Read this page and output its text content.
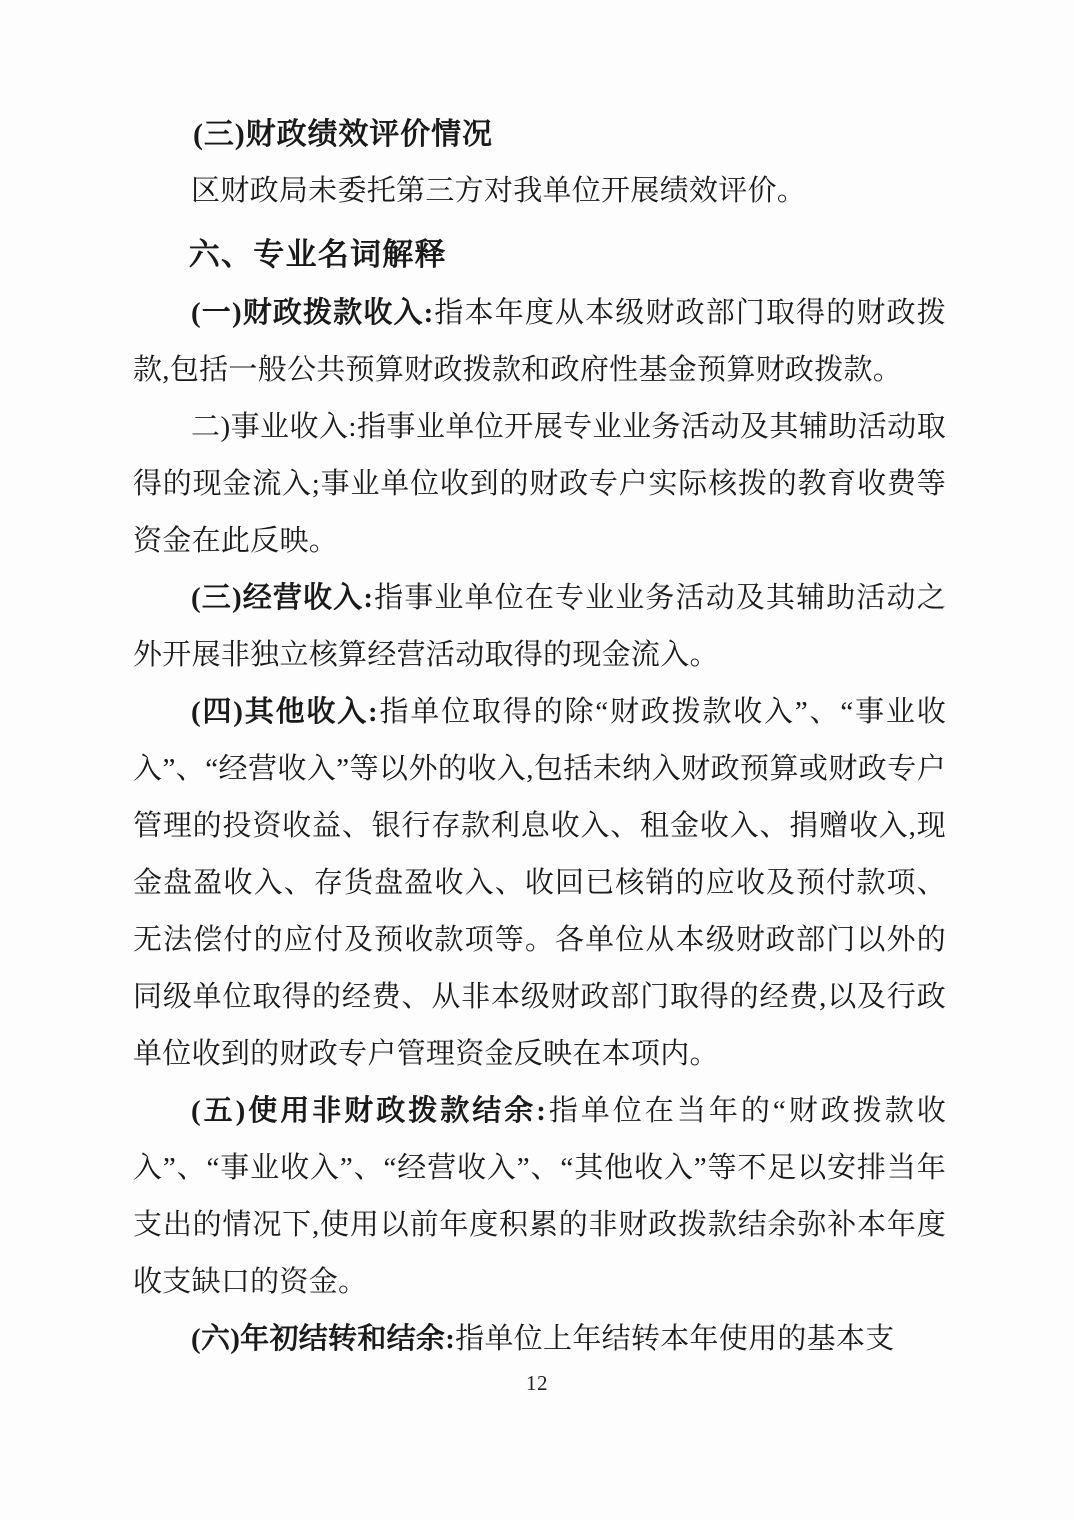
(三)财政绩效评价情况

区财政局未委托第三方对我单位开展绩效评价。

六、专业名词解释

(一)财政拨款收入:指本年度从本级财政部门取得的财政拨款,包括一般公共预算财政拨款和政府性基金预算财政拨款。

二)事业收入:指事业单位开展专业业务活动及其辅助活动取得的现金流入;事业单位收到的财政专户实际核拨的教育收费等资金在此反映。

(三)经营收入:指事业单位在专业业务活动及其辅助活动之外开展非独立核算经营活动取得的现金流入。

(四)其他收入:指单位取得的除“财政拨款收入”、“事业收入”、“经营收入”等以外的收入,包括未纳入财政预算或财政专户管理的投资收益、银行存款利息收入、租金收入、捐赠收入,现金盘盈收入、存货盘盈收入、收回已核销的应收及预付款项、无法偿付的应付及预收款项等。各单位从本级财政部门以外的同级单位取得的经费、从非本级财政部门取得的经费,以及行政单位收到的财政专户管理资金反映在本项内。

(五)使用非财政拨款结余:指单位在当年的“财政拨款收入”、“事业收入”、“经营收入”、“其他收入”等不足以安排当年支出的情况下,使用以前年度积累的非财政拨款结余弥补本年度收支缺口的资金。

(六)年初结转和结余:指单位上年结转本年使用的基本支

12
